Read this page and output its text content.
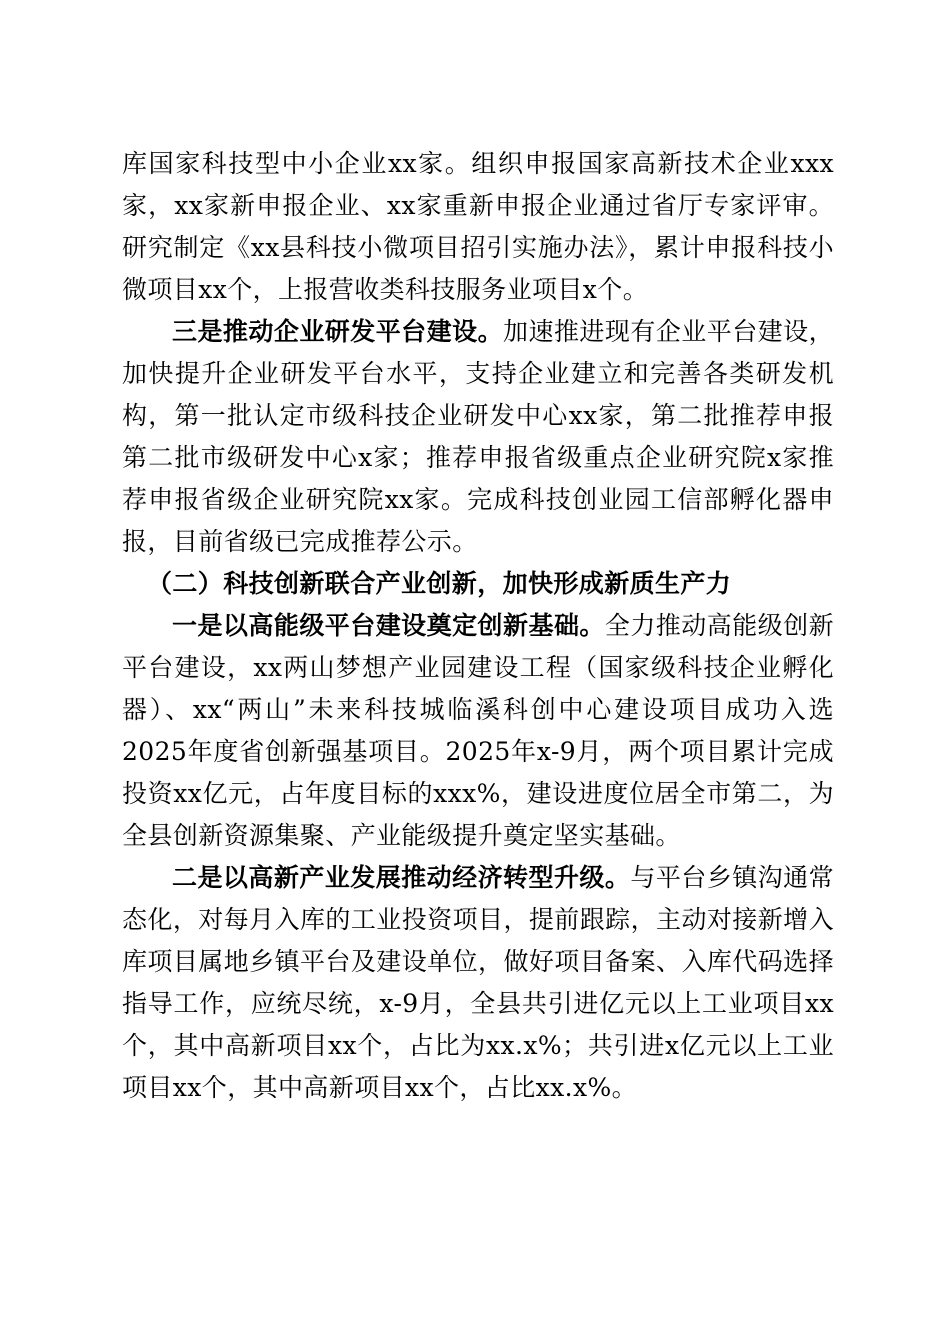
库国家科技型中小企业xx家。组织申报国家高新技术企业xxx家，xx家新申报企业、xx家重新申报企业通过省厅专家评审。研究制定《xx县科技小微项目招引实施办法》，累计申报科技小微项目xx个，上报营收类科技服务业项目x个。

三是推动企业研发平台建设。加速推进现有企业平台建设，加快提升企业研发平台水平，支持企业建立和完善各类研发机构，第一批认定市级科技企业研发中心xx家，第二批推荐申报第二批市级研发中心x家；推荐申报省级重点企业研究院x家推荐申报省级企业研究院xx家。完成科技创业园工信部孵化器申报，目前省级已完成推荐公示。

（二）科技创新联合产业创新，加快形成新质生产力

一是以高能级平台建设奠定创新基础。全力推动高能级创新平台建设，xx两山梦想产业园建设工程（国家级科技企业孵化器）、xx“两山”未来科技城临溪科创中心建设项目成功入选2025年度省创新强基项目。2025年x-9月，两个项目累计完成投资xx亿元，占年度目标的xxx%，建设进度位居全市第二，为全县创新资源集聚、产业能级提升奠定坚实基础。

二是以高新产业发展推动经济转型升级。与平台乡镇沟通常态化，对每月入库的工业投资项目，提前跟踪，主动对接新增入库项目属地乡镇平台及建设单位，做好项目备案、入库代码选择指导工作，应统尽统，x-9月，全县共引进亿元以上工业项目xx个，其中高新项目xx个，占比为xx.x%；共引进x亿元以上工业项目xx个，其中高新项目xx个，占比xx.x%。
